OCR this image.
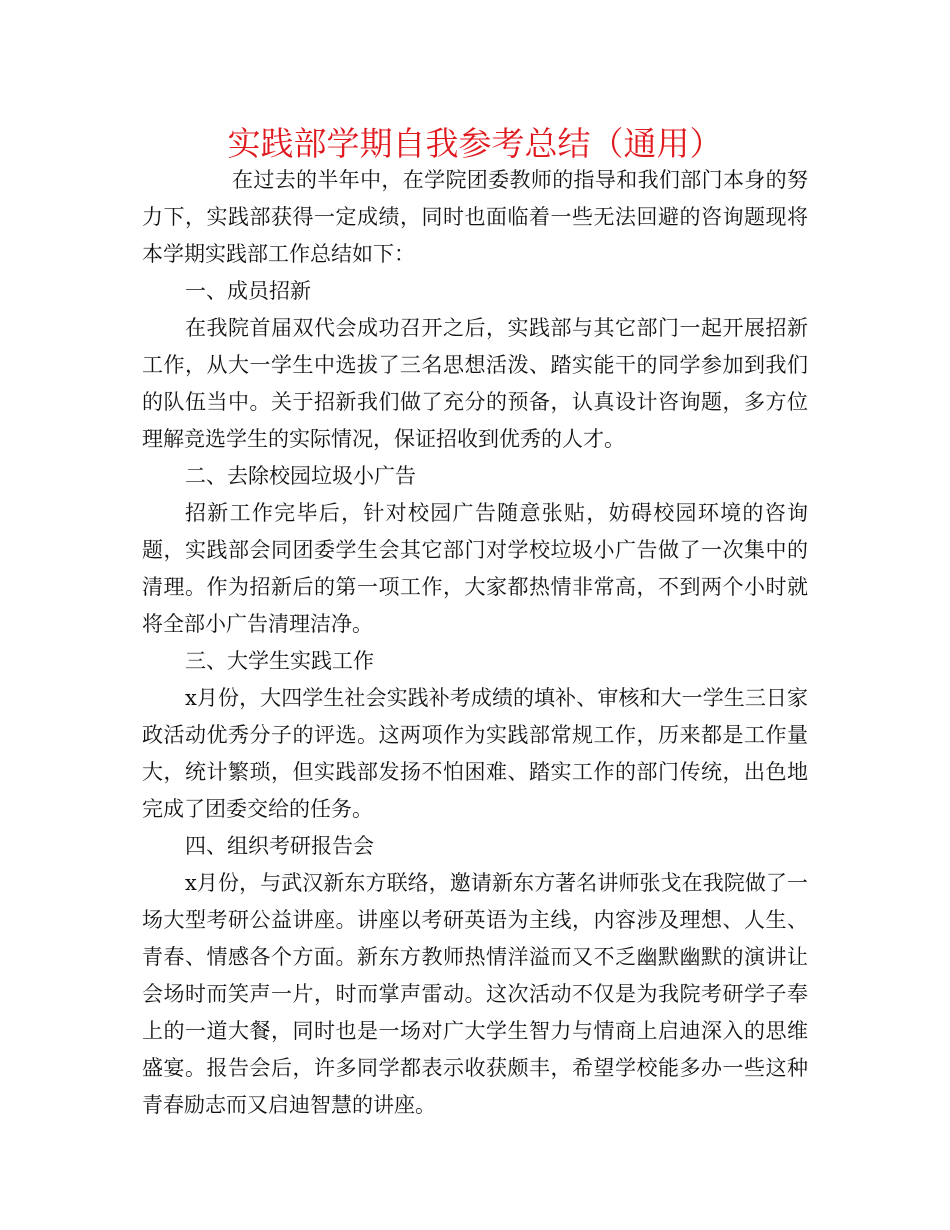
实践部学期自我参考总结（通用）

在过去的半年中，在学院团委教师的指导和我们部门本身的努力下，实践部获得一定成绩，同时也面临着一些无法回避的咨询题现将本学期实践部工作总结如下：

一、成员招新

在我院首届双代会成功召开之后，实践部与其它部门一起开展招新工作，从大一学生中选拔了三名思想活泼、踏实能干的同学参加到我们的队伍当中。关于招新我们做了充分的预备，认真设计咨询题，多方位理解竞选学生的实际情况，保证招收到优秀的人才。

二、去除校园垃圾小广告

招新工作完毕后，针对校园广告随意张贴，妨碍校园环境的咨询题，实践部会同团委学生会其它部门对学校垃圾小广告做了一次集中的清理。作为招新后的第一项工作，大家都热情非常高，不到两个小时就将全部小广告清理洁净。

三、大学生实践工作

x月份，大四学生社会实践补考成绩的填补、审核和大一学生三日家政活动优秀分子的评选。这两项作为实践部常规工作，历来都是工作量大，统计繁琐，但实践部发扬不怕困难、踏实工作的部门传统，出色地完成了团委交给的任务。

四、组织考研报告会

x月份，与武汉新东方联络，邀请新东方著名讲师张戈在我院做了一场大型考研公益讲座。讲座以考研英语为主线，内容涉及理想、人生、青春、情感各个方面。新东方教师热情洋溢而又不乏幽默幽默的演讲让会场时而笑声一片，时而掌声雷动。这次活动不仅是为我院考研学子奉上的一道大餐，同时也是一场对广大学生智力与情商上启迪深入的思维盛宴。报告会后，许多同学都表示收获颇丰，希望学校能多办一些这种青春励志而又启迪智慧的讲座。
